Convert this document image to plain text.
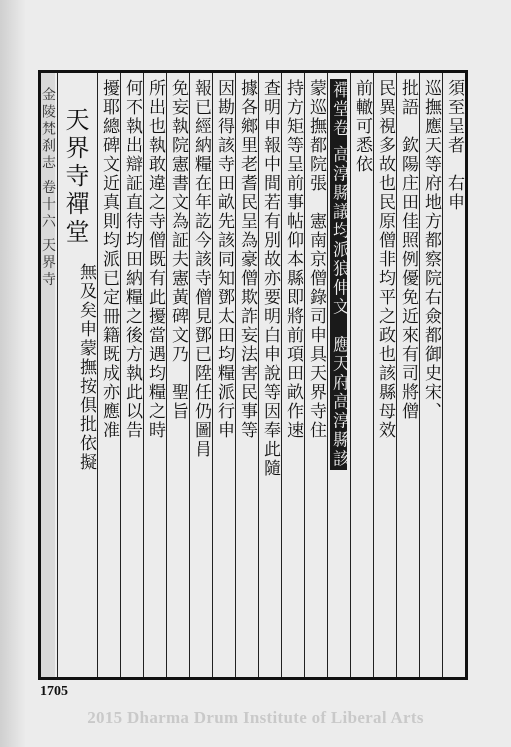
金陵梵刹志 卷十六 天界寺 天界寺禪堂	須至呈者　右申
巡撫應天等府地方都察院右僉都御史宋、
批語　欽陽庄田佳照例優免近來有司將僧
民異視多故也民原僧非均平之政也該縣母效
前轍可悉依
禪堂卷 高淳縣議均派狼伸文　應天府高淳縣該
蒙巡撫都院張　憲南京僧錄司申具天界寺住
持方矩等呈前事帖仰本縣即將前項田畝作速
查明申報中間若有別故亦要明白申說等因奉此隨
據各鄉里老耆民呈為豪僧欺詐妄法害民事等
因勘得該寺田畝先該同知鄧太田均糧派行申
報已經納糧在年訖今該寺僧見鄧已陞任仍圖肙
免妄執院憲書文為証夫憲黃碑文乃　聖旨
所出也執敢違之寺僧既有此擾當遇均糧之時
何不執出辯証直待均田納糧之後方執此以告
擾耶總碑文近真則均派已定冊籍既成亦應准
無及矣申蒙撫按俱批依擬
1705
2015 Dharma Drum Institute of Liberal Arts
